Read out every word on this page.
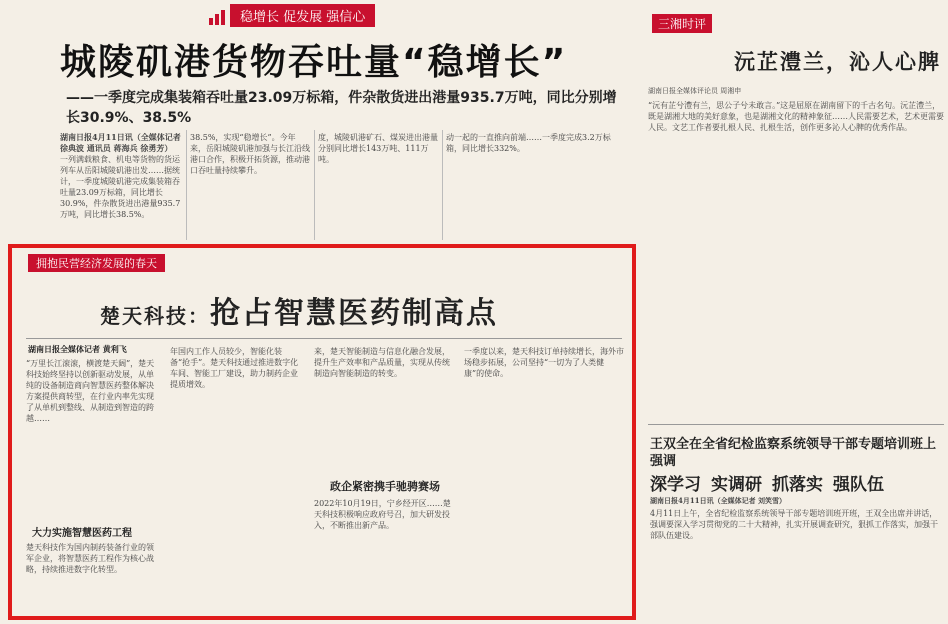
稳增长 促发展 强信心
城陵矶港货物吞吐量“稳增长”
——一季度完成集装箱吞吐量23.09万标箱，件杂散货进出港量935.7万吨，同比分别增长30.9%、38.5%
湖南日报4月11日讯（全媒体记者 徐典波 通讯员 蒋海兵 徐勇芳） 一列满载粮食、机电等货物的货运列车从岳阳城陵矶港出发……据统计，一季度城陵矶港完成集装箱吞吐量23.09万标箱，同比增长30.9%，件杂散货进出港量935.7万吨，同比增长38.5%。
38.5%，实现“稳增长”。今年来，岳阳城陵矶港加强与长江沿线港口合作，积极开拓货源，推动港口吞吐量持续攀升。
度，城陵矶港矿石、煤炭进出港量分别同比增长143万吨、111万吨。
动一起的一直推向前端……一季度完成3.2万标箱，同比增长332%。
拥抱民营经济发展的春天
楚天科技：抢占智慧医药制高点
湖南日报全媒体记者 黄利飞
“万里长江滚滚，横渡楚天阔”，楚天科技始终坚持以创新驱动发展，从单纯的设备制造商向智慧医药整体解决方案提供商转型，在行业内率先实现了从单机到整线、从制造到智造的跨越……
大力实施智慧医药工程
楚天科技作为国内制药装备行业的领军企业，将智慧医药工程作为核心战略，持续推进数字化转型。
年国内工作人员较少，智能化装备“抢手”。楚天科技通过推进数字化车间、智能工厂建设，助力制药企业提质增效。
来，楚天智能制造与信息化融合发展，提升生产效率和产品质量，实现从传统制造向智能制造的转变。
政企紧密携手驰骋赛场
2022年10月19日，宁乡经开区……楚天科技积极响应政府号召，加大研发投入，不断推出新产品。
一季度以来，楚天科技订单持续增长，海外市场稳步拓展，公司坚持“一切为了人类健康”的使命。
三湘时评
沅芷澧兰，沁人心脾
湖南日报全媒体评论员 周湘申
“沅有芷兮澧有兰，思公子兮未敢言。”这是屈原在湖南留下的千古名句。沅芷澧兰，既是湖湘大地的美好意象，也是湖湘文化的精神象征……人民需要艺术，艺术更需要人民。文艺工作者要扎根人民、扎根生活，创作更多沁人心脾的优秀作品。
王双全在全省纪检监察系统领导干部专题培训班上强调
深学习 实调研 抓落实 强队伍
湖南日报4月11日讯（全媒体记者 刘笑雪）
4月11日上午，全省纪检监察系统领导干部专题培训班开班，王双全出席并讲话，强调要深入学习贯彻党的二十大精神，扎实开展调查研究，狠抓工作落实，加强干部队伍建设。
